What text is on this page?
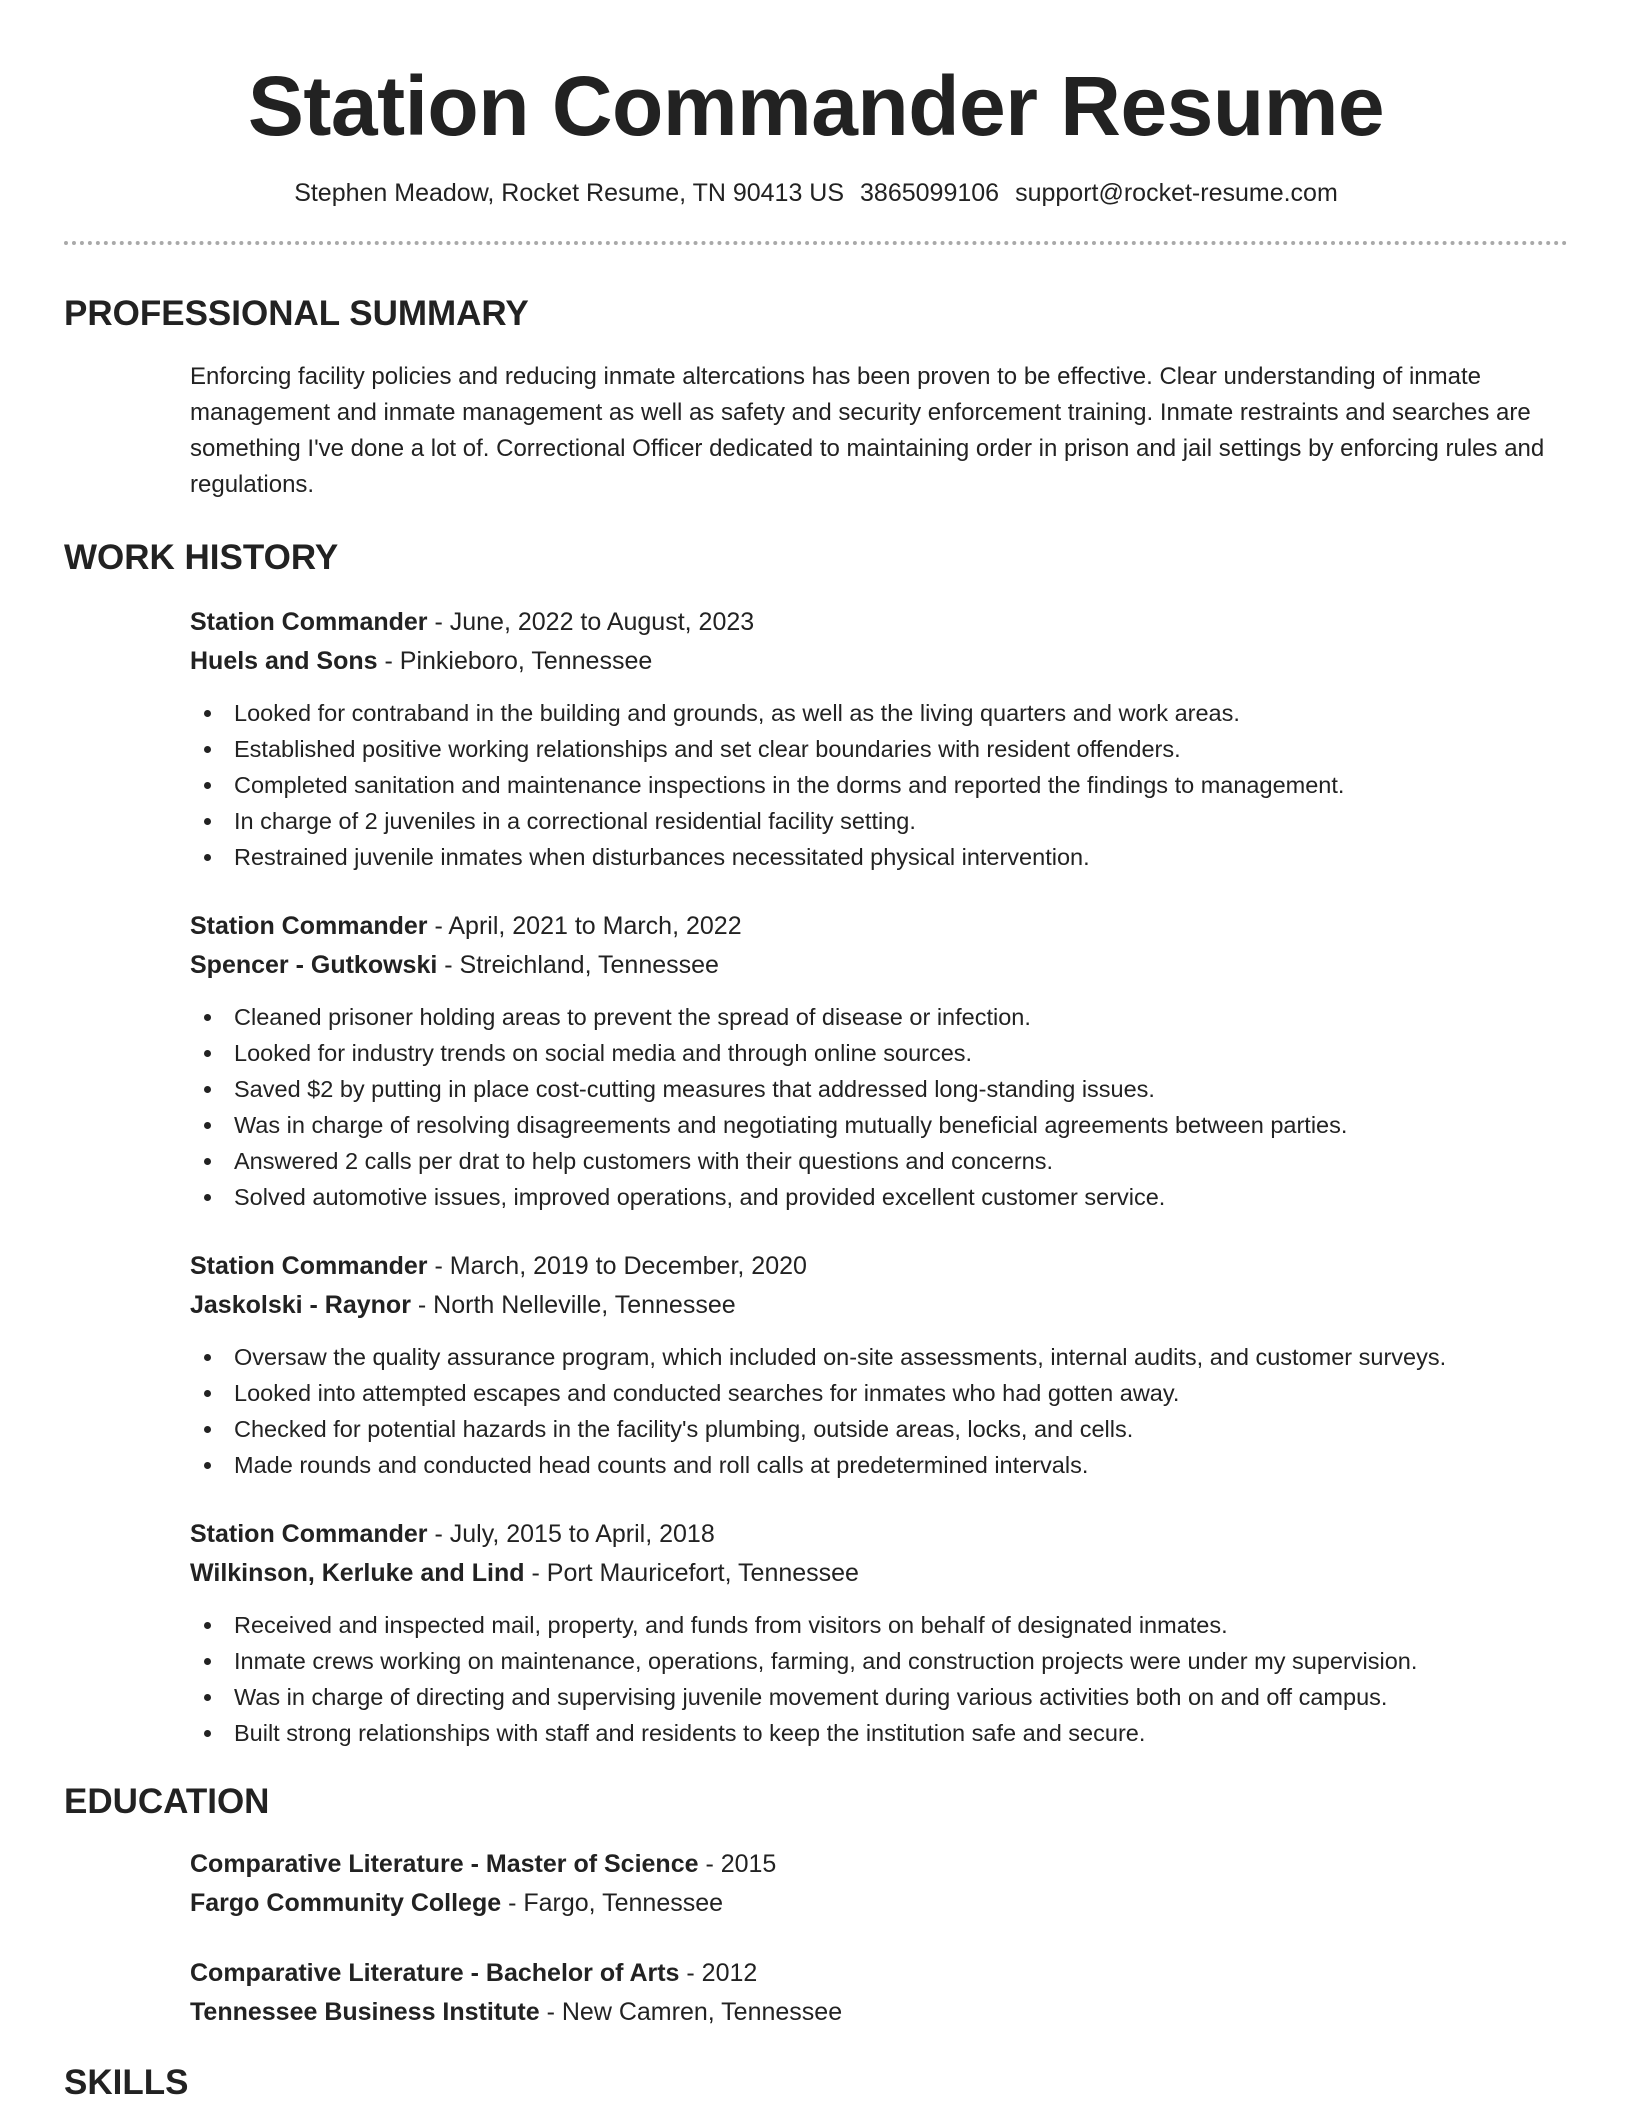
Station Commander Resume
Stephen Meadow, Rocket Resume, TN 90413 US 3865099106 support@rocket-resume.com
PROFESSIONAL SUMMARY

Enforcing facility policies and reducing inmate altercations has been proven to be effective. Clear understanding of inmate management and inmate management as well as safety and security enforcement training. Inmate restraints and searches are something I've done a lot of. Correctional Officer dedicated to maintaining order in prison and jail settings by enforcing rules and regulations.

WORK HISTORY
Station Commander - June, 2022 to August, 2023
Huels and Sons - Pinkieboro, Tennessee
Looked for contraband in the building and grounds, as well as the living quarters and work areas.
Established positive working relationships and set clear boundaries with resident offenders.
Completed sanitation and maintenance inspections in the dorms and reported the findings to management.
In charge of 2 juveniles in a correctional residential facility setting.
Restrained juvenile inmates when disturbances necessitated physical intervention.
Station Commander - April, 2021 to March, 2022
Spencer - Gutkowski - Streichland, Tennessee
Cleaned prisoner holding areas to prevent the spread of disease or infection.
Looked for industry trends on social media and through online sources.
Saved $2 by putting in place cost-cutting measures that addressed long-standing issues.
Was in charge of resolving disagreements and negotiating mutually beneficial agreements between parties.
Answered 2 calls per drat to help customers with their questions and concerns.
Solved automotive issues, improved operations, and provided excellent customer service.
Station Commander - March, 2019 to December, 2020
Jaskolski - Raynor - North Nelleville, Tennessee
Oversaw the quality assurance program, which included on-site assessments, internal audits, and customer surveys.
Looked into attempted escapes and conducted searches for inmates who had gotten away.
Checked for potential hazards in the facility's plumbing, outside areas, locks, and cells.
Made rounds and conducted head counts and roll calls at predetermined intervals.
Station Commander - July, 2015 to April, 2018
Wilkinson, Kerluke and Lind - Port Mauricefort, Tennessee
Received and inspected mail, property, and funds from visitors on behalf of designated inmates.
Inmate crews working on maintenance, operations, farming, and construction projects were under my supervision.
Was in charge of directing and supervising juvenile movement during various activities both on and off campus.
Built strong relationships with staff and residents to keep the institution safe and secure.
EDUCATION
Comparative Literature - Master of Science - 2015
Fargo Community College - Fargo, Tennessee
Comparative Literature - Bachelor of Arts - 2012
Tennessee Business Institute - New Camren, Tennessee
SKILLS
